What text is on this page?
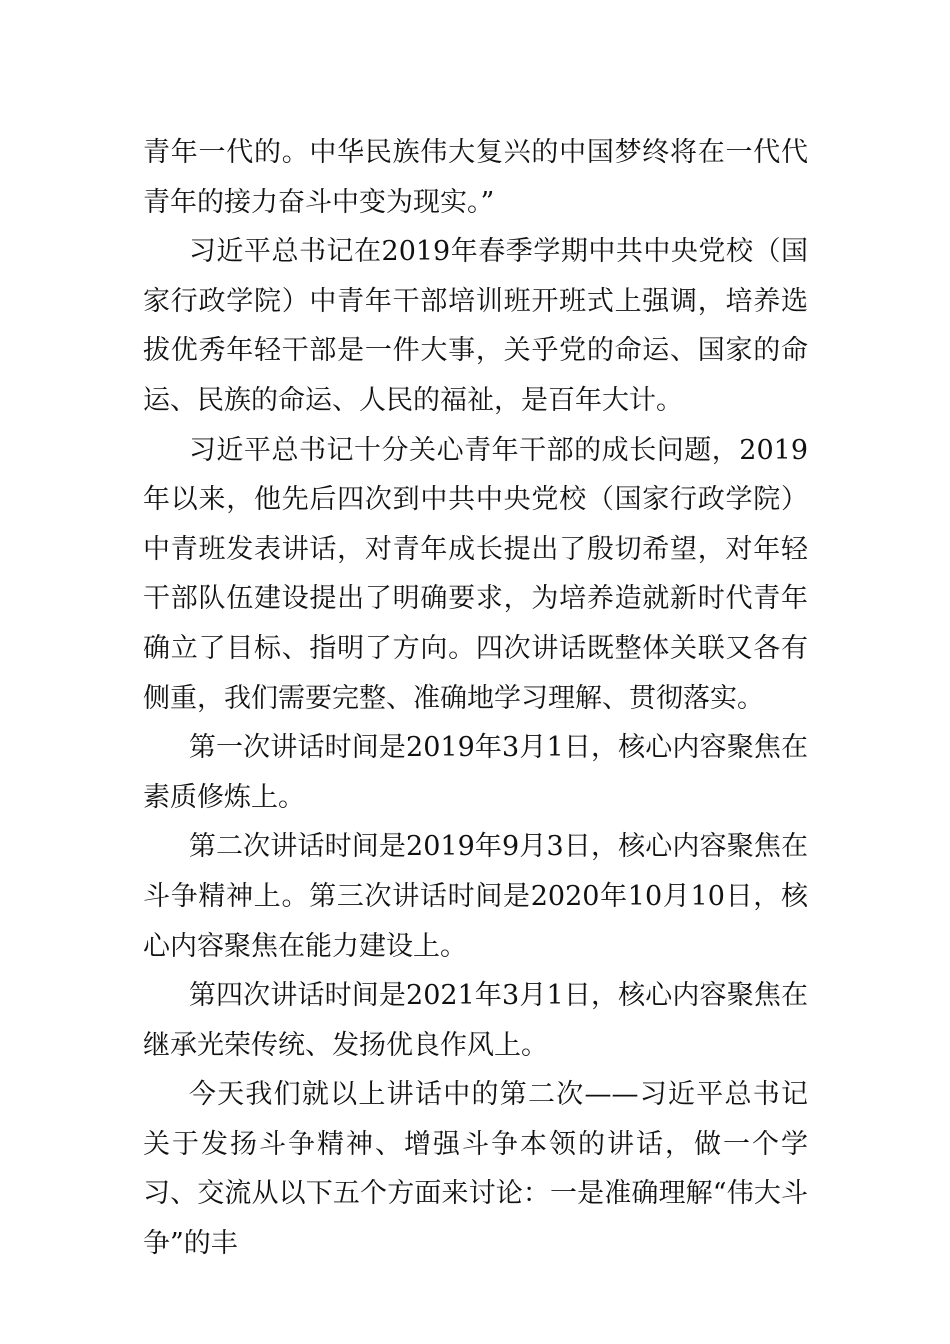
青年一代的。中华民族伟大复兴的中国梦终将在一代代青年的接力奋斗中变为现实。”

习近平总书记在2019年春季学期中共中央党校（国家行政学院）中青年干部培训班开班式上强调，培养选拔优秀年轻干部是一件大事，关乎党的命运、国家的命运、民族的命运、人民的福祉，是百年大计。

习近平总书记十分关心青年干部的成长问题，2019年以来，他先后四次到中共中央党校（国家行政学院）中青班发表讲话，对青年成长提出了殷切希望，对年轻干部队伍建设提出了明确要求，为培养造就新时代青年确立了目标、指明了方向。四次讲话既整体关联又各有侧重，我们需要完整、准确地学习理解、贯彻落实。

第一次讲话时间是2019年3月1日，核心内容聚焦在素质修炼上。

第二次讲话时间是2019年9月3日，核心内容聚焦在斗争精神上。第三次讲话时间是2020年10月10日，核心内容聚焦在能力建设上。

第四次讲话时间是2021年3月1日，核心内容聚焦在继承光荣传统、发扬优良作风上。

今天我们就以上讲话中的第二次——习近平总书记关于发扬斗争精神、增强斗争本领的讲话，做一个学习、交流从以下五个方面来讨论：一是准确理解“伟大斗争”的丰
